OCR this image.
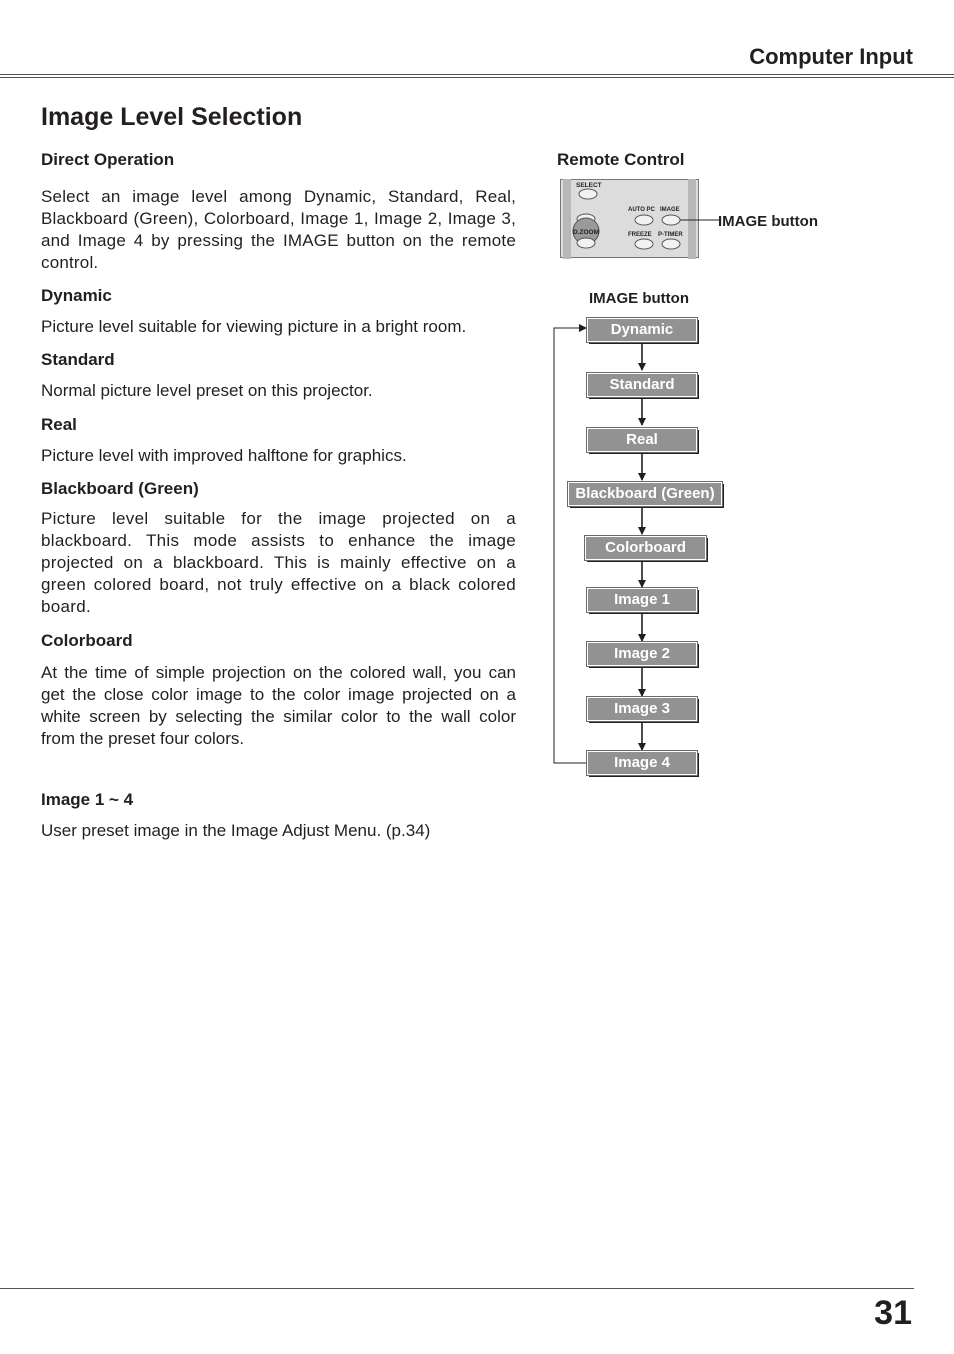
Computer Input
Image Level Selection
Direct Operation
Select an image level among Dynamic, Standard, Real, Blackboard (Green), Colorboard, Image 1, Image 2, Image 3, and Image 4 by pressing the IMAGE button on the remote control.
Dynamic
Picture level suitable for viewing picture in a bright room.
Standard
Normal picture level preset on this projector.
Real
Picture level with improved halftone for graphics.
Blackboard (Green)
Picture level suitable for the image projected on a blackboard. This mode assists to enhance the image projected on a blackboard. This is mainly effective on a green colored board, not truly effective on a black colored board.
Colorboard
At the time of simple projection on the colored wall, you can get the close color image to the color image projected on a white screen by selecting the similar color to the wall color from the preset four colors.
Image 1 ~ 4
User preset image in the Image Adjust Menu. (p.34)
Remote Control
SELECT
D.ZOOM
AUTO PC IMAGE
FREEZE P-TIMER
IMAGE button
IMAGE button
Dynamic
Standard
Real
Blackboard (Green)
Colorboard
Image 1
Image 2
Image 3
Image 4
31
